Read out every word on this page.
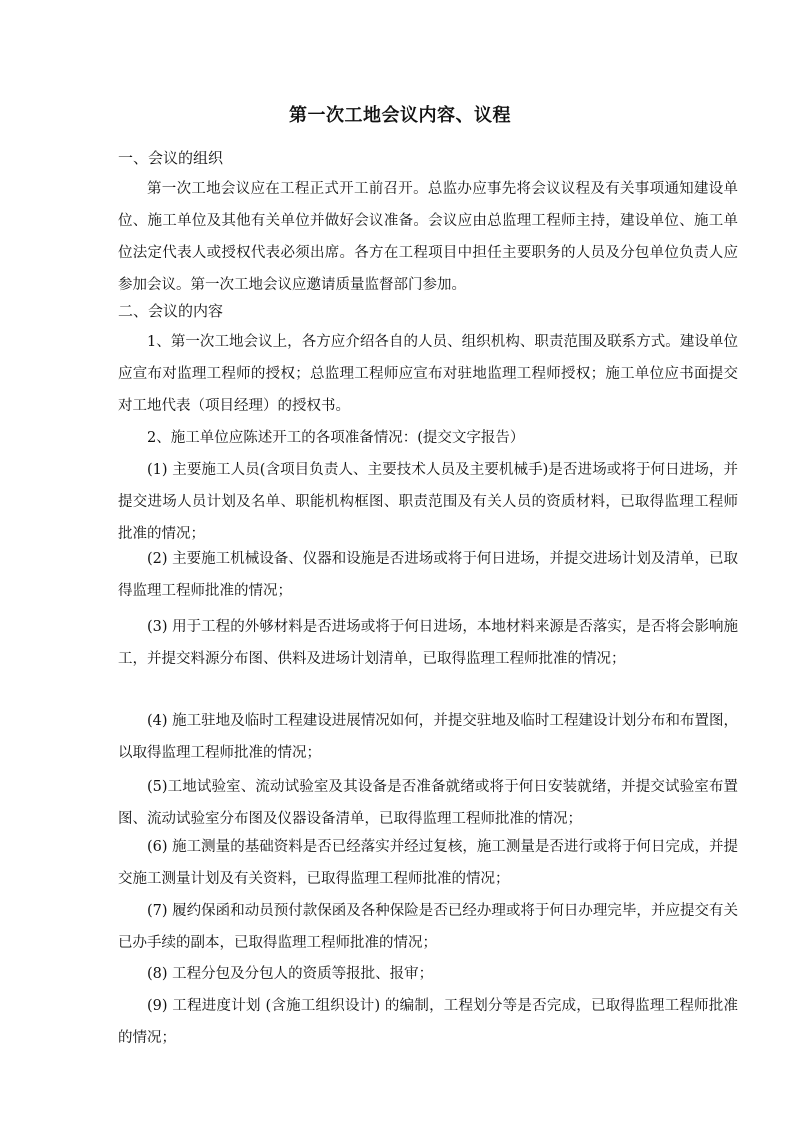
第一次工地会议内容、议程
一、会议的组织

第一次工地会议应在工程正式开工前召开。总监办应事先将会议议程及有关事项通知建设单位、施工单位及其他有关单位并做好会议准备。会议应由总监理工程师主持，建设单位、施工单位法定代表人或授权代表必须出席。各方在工程项目中担任主要职务的人员及分包单位负责人应参加会议。第一次工地会议应邀请质量监督部门参加。

二、会议的内容

1、第一次工地会议上，各方应介绍各自的人员、组织机构、职责范围及联系方式。建设单位应宣布对监理工程师的授权；总监理工程师应宣布对驻地监理工程师授权；施工单位应书面提交对工地代表（项目经理）的授权书。

2、施工单位应陈述开工的各项准备情况：(提交文字报告）

(1) 主要施工人员(含项目负责人、主要技术人员及主要机械手)是否进场或将于何日进场，并提交进场人员计划及名单、职能机构框图、职责范围及有关人员的资质材料，已取得监理工程师批准的情况；

(2) 主要施工机械设备、仪器和设施是否进场或将于何日进场，并提交进场计划及清单，已取得监理工程师批准的情况；

(3) 用于工程的外够材料是否进场或将于何日进场，本地材料来源是否落实，是否将会影响施工，并提交料源分布图、供料及进场计划清单，已取得监理工程师批准的情况；

(4) 施工驻地及临时工程建设进展情况如何，并提交驻地及临时工程建设计划分布和布置图，以取得监理工程师批准的情况；

(5)工地试验室、流动试验室及其设备是否准备就绪或将于何日安装就绪，并提交试验室布置图、流动试验室分布图及仪器设备清单，已取得监理工程师批准的情况；

(6) 施工测量的基础资料是否已经落实并经过复核，施工测量是否进行或将于何日完成，并提交施工测量计划及有关资料，已取得监理工程师批准的情况；

(7) 履约保函和动员预付款保函及各种保险是否已经办理或将于何日办理完毕，并应提交有关已办手续的副本，已取得监理工程师批准的情况；

(8) 工程分包及分包人的资质等报批、报审；

(9) 工程进度计划 (含施工组织设计) 的编制，工程划分等是否完成，已取得监理工程师批准的情况；
